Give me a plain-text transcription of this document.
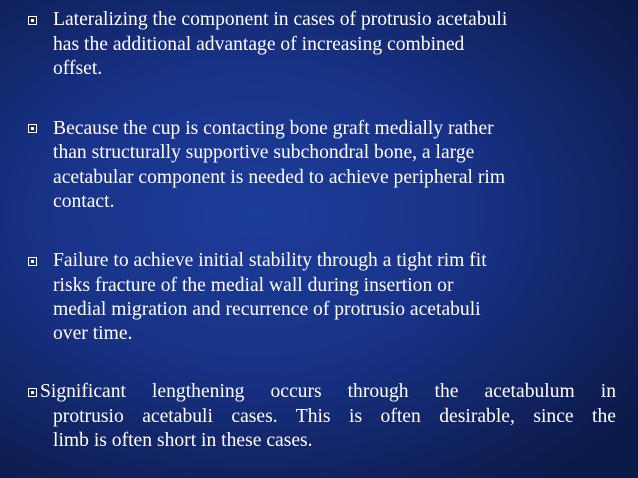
Lateralizing the component in cases of protrusio acetabuli
has the additional advantage of increasing combined
offset.
Because the cup is contacting bone graft medially rather
than structurally supportive subchondral bone, a large
acetabular component is needed to achieve peripheral rim
contact.
Failure to achieve initial stability through a tight rim fit
risks fracture of the medial wall during insertion or
medial migration and recurrence of protrusio acetabuli
over time.
Significant lengthening occurs through the acetabulum in
protrusio acetabuli cases. This is often desirable, since the
limb is often short in these cases.
